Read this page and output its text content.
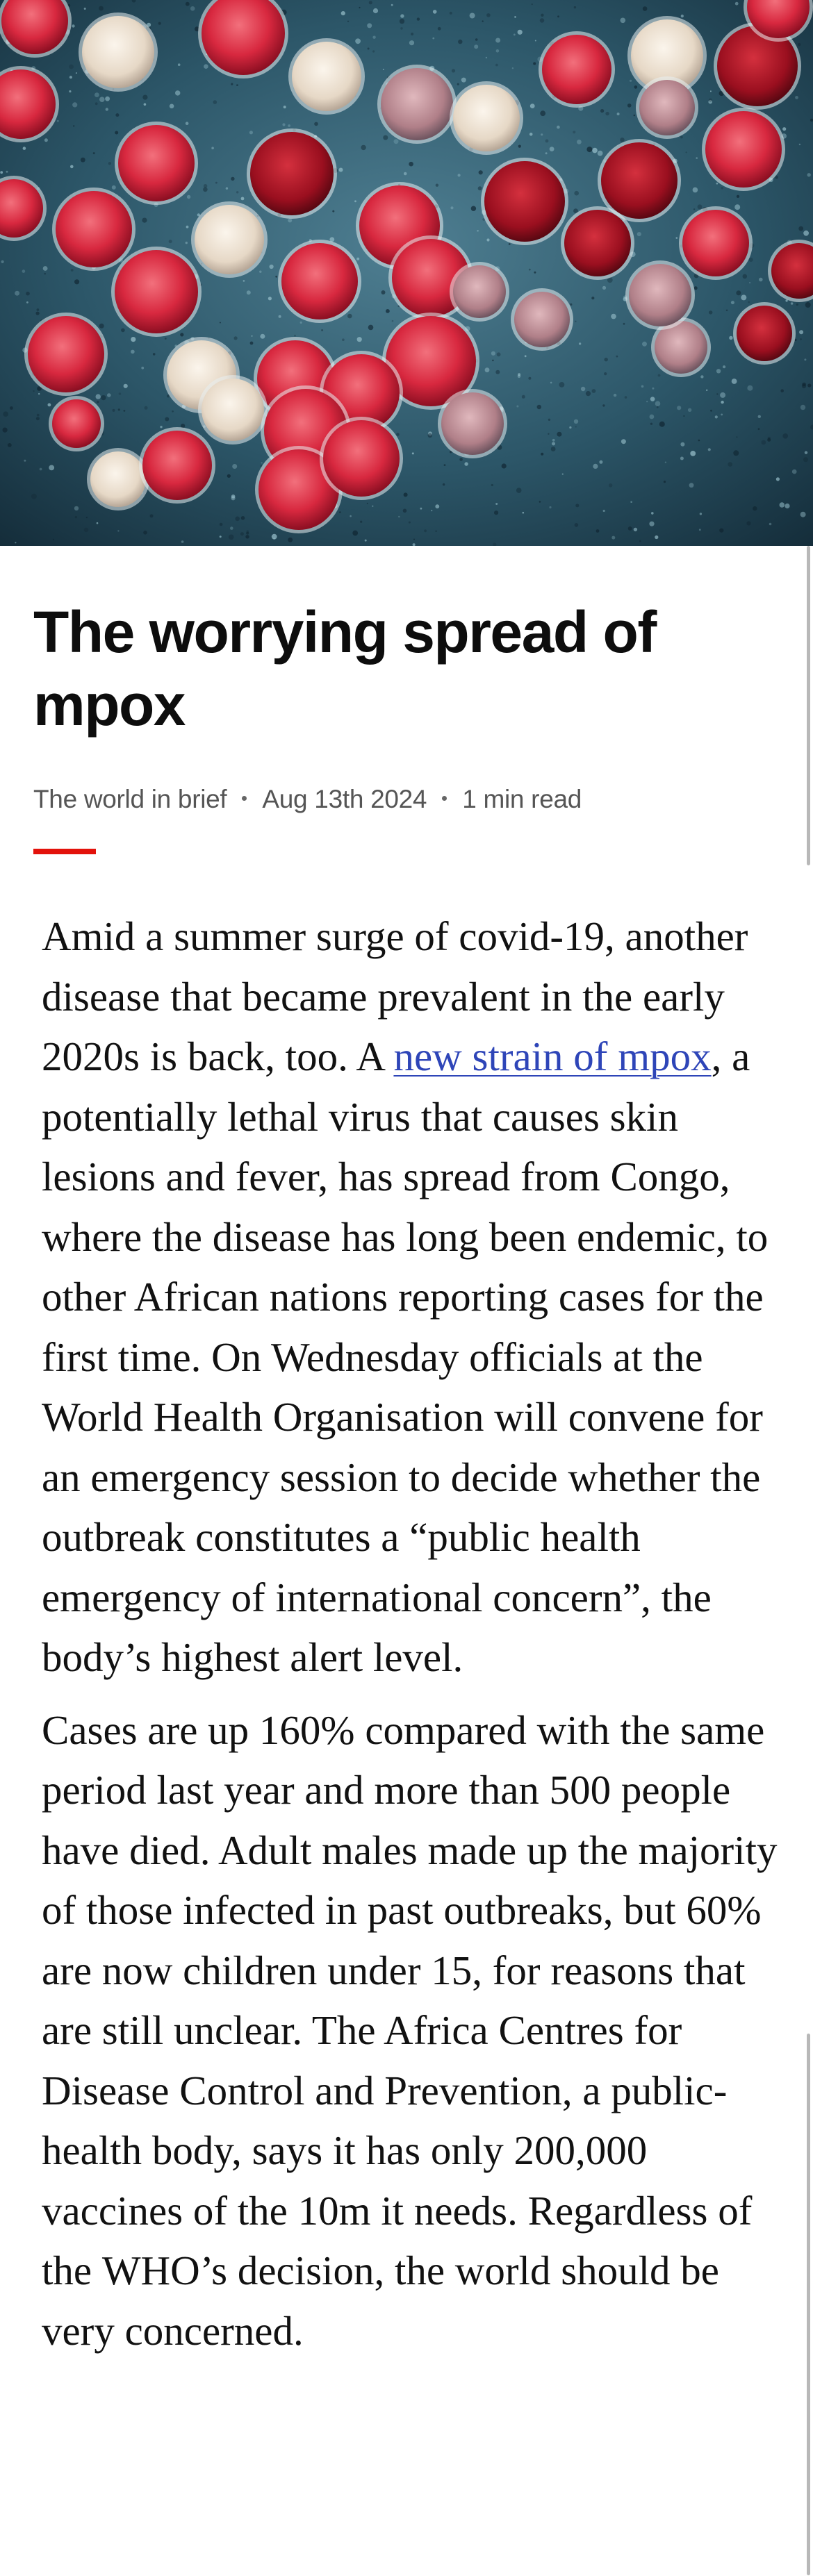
The worrying spread of mpox
The world in brief Aug 13th 2024 1 min read

Amid a summer surge of covid-19, another disease that became prevalent in the early 2020s is back, too. A new strain of mpox, a potentially lethal virus that causes skin lesions and fever, has spread from Congo, where the disease has long been endemic, to other African nations reporting cases for the first time. On Wednesday officials at the World Health Organisation will convene for an emergency session to decide whether the outbreak constitutes a “public health emergency of international concern”, the body’s highest alert level.

Cases are up 160% compared with the same period last year and more than 500 people have died. Adult males made up the majority of those infected in past outbreaks, but 60% are now children under 15, for reasons that are still unclear. The Africa Centres for Disease Control and Prevention, a public-health body, says it has only 200,000 vaccines of the 10m it needs. Regardless of the WHO’s decision, the world should be very concerned.
